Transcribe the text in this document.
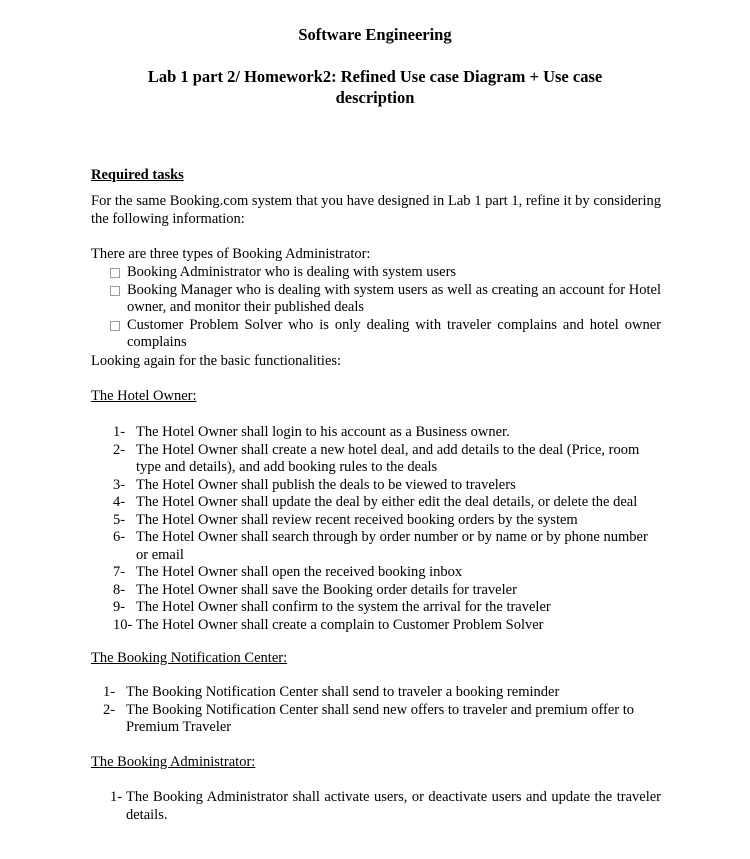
Software Engineering
Lab 1 part 2/ Homework2: Refined Use case Diagram + Use case description
Required tasks
For the same Booking.com system that you have designed in Lab 1 part 1, refine it by considering the following information:
There are three types of Booking Administrator:
Booking Administrator who is dealing with system users
Booking Manager who is dealing with system users as well as creating an account for Hotel owner, and monitor their published deals
Customer Problem Solver who is only dealing with traveler complains and hotel owner complains
Looking again for the basic functionalities:
The Hotel Owner:
1- The Hotel Owner shall login to his account as a Business owner.
2- The Hotel Owner shall create a new hotel deal, and add details to the deal (Price, room type and details), and add booking rules to the deals
3- The Hotel Owner shall publish the deals to be viewed to travelers
4- The Hotel Owner shall update the deal by either edit the deal details, or delete the deal
5- The Hotel Owner shall review recent received booking orders by the system
6- The Hotel Owner shall search through by order number or by name or by phone number or email
7- The Hotel Owner shall open the received booking inbox
8- The Hotel Owner shall save the Booking order details for traveler
9- The Hotel Owner shall confirm to the system the arrival for the traveler
10- The Hotel Owner shall create a complain to Customer Problem Solver
The Booking Notification Center:
1- The Booking Notification Center shall send to traveler a booking reminder
2- The Booking Notification Center shall send new offers to traveler and premium offer to Premium Traveler
The Booking Administrator:
1- The Booking Administrator shall activate users, or deactivate users and update the traveler details.
